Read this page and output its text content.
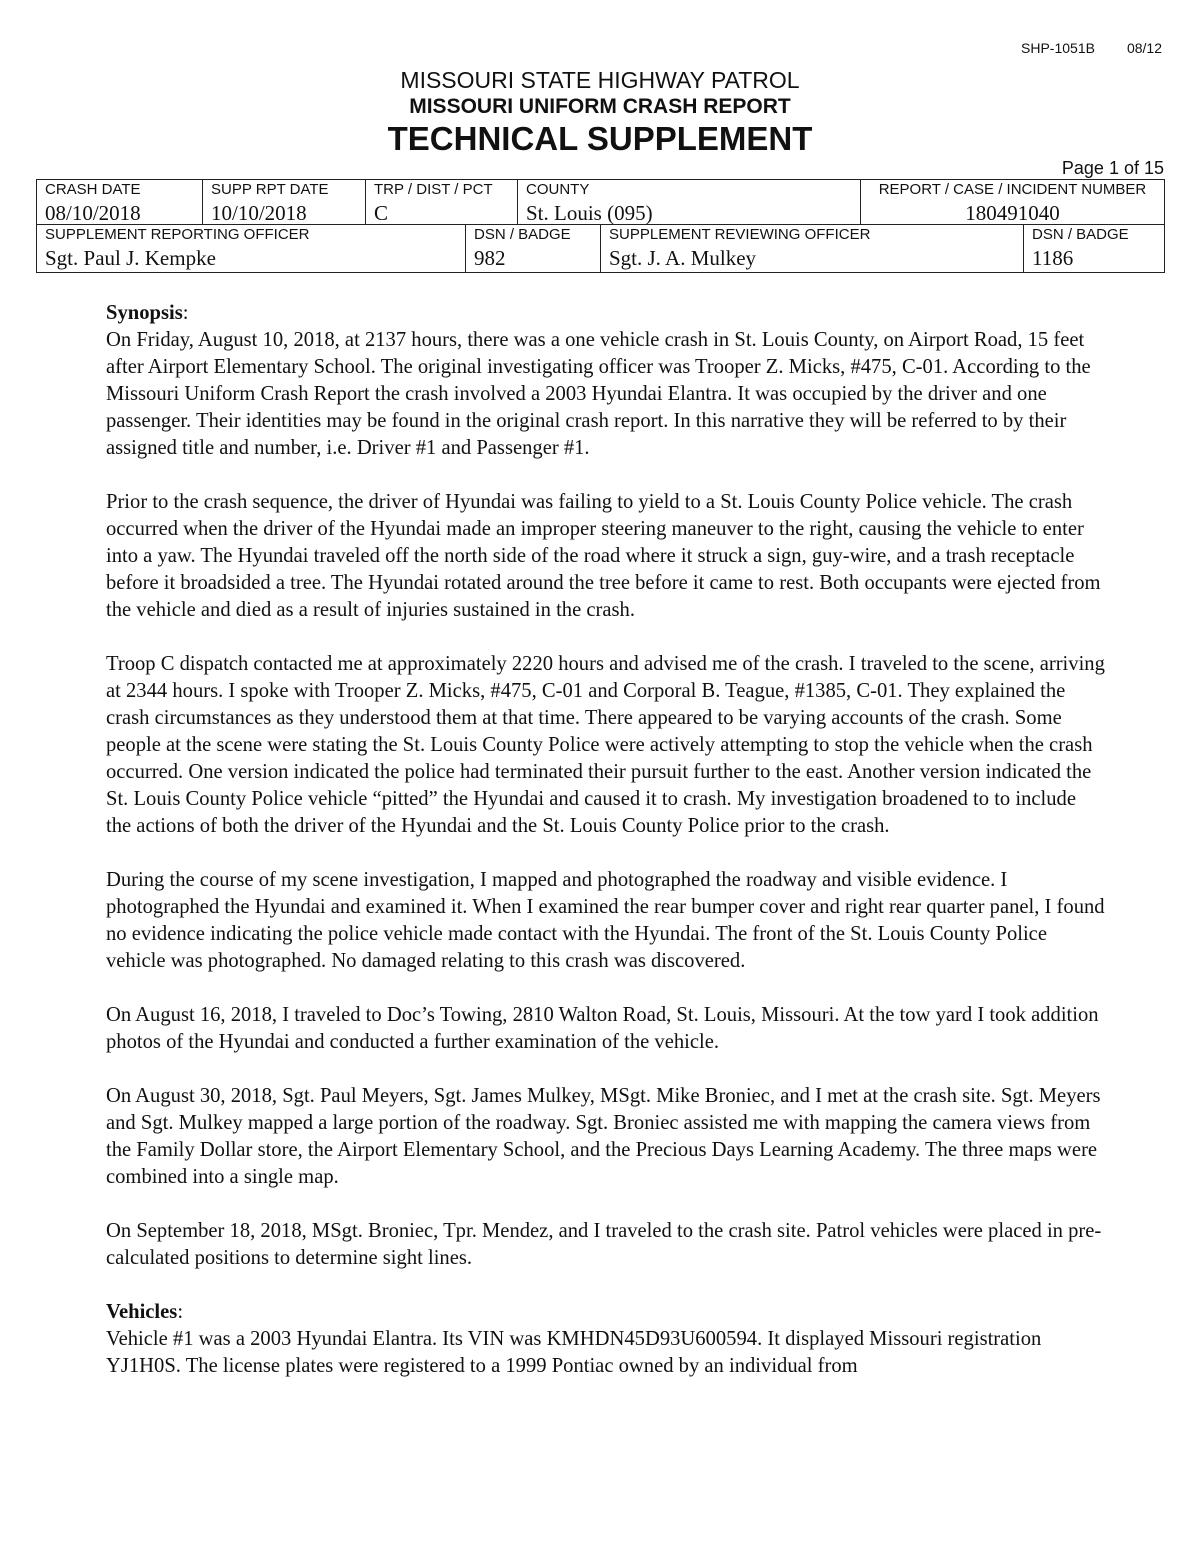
SHP-1051B 08/12
MISSOURI STATE HIGHWAY PATROL
MISSOURI UNIFORM CRASH REPORT
TECHNICAL SUPPLEMENT
Page 1 of 15
CRASH DATE
08/10/2018
SUPP RPT DATE
10/10/2018
TRP / DIST / PCT
C
COUNTY
St. Louis (095)
REPORT / CASE / INCIDENT NUMBER
180491040
SUPPLEMENT REPORTING OFFICER
Sgt. Paul J. Kempke
DSN / BADGE
982
SUPPLEMENT REVIEWING OFFICER
Sgt. J. A. Mulkey
DSN / BADGE
1186
Synopsis:

On Friday, August 10, 2018, at 2137 hours, there was a one vehicle crash in St. Louis County, on Airport Road, 15 feet after Airport Elementary School. The original investigating officer was Trooper Z. Micks, #475, C-01. According to the Missouri Uniform Crash Report the crash involved a 2003 Hyundai Elantra. It was occupied by the driver and one passenger. Their identities may be found in the original crash report. In this narrative they will be referred to by their assigned title and number, i.e. Driver #1 and Passenger #1.

Prior to the crash sequence, the driver of Hyundai was failing to yield to a St. Louis County Police vehicle. The crash occurred when the driver of the Hyundai made an improper steering maneuver to the right, causing the vehicle to enter into a yaw. The Hyundai traveled off the north side of the road where it struck a sign, guy-wire, and a trash receptacle before it broadsided a tree. The Hyundai rotated around the tree before it came to rest. Both occupants were ejected from the vehicle and died as a result of injuries sustained in the crash.

Troop C dispatch contacted me at approximately 2220 hours and advised me of the crash. I traveled to the scene, arriving at 2344 hours. I spoke with Trooper Z. Micks, #475, C-01 and Corporal B. Teague, #1385, C-01. They explained the crash circumstances as they understood them at that time. There appeared to be varying accounts of the crash. Some people at the scene were stating the St. Louis County Police were actively attempting to stop the vehicle when the crash occurred. One version indicated the police had terminated their pursuit further to the east. Another version indicated the St. Louis County Police vehicle “pitted” the Hyundai and caused it to crash. My investigation broadened to to include the actions of both the driver of the Hyundai and the St. Louis County Police prior to the crash.

During the course of my scene investigation, I mapped and photographed the roadway and visible evidence. I photographed the Hyundai and examined it. When I examined the rear bumper cover and right rear quarter panel, I found no evidence indicating the police vehicle made contact with the Hyundai. The front of the St. Louis County Police vehicle was photographed. No damaged relating to this crash was discovered.

On August 16, 2018, I traveled to Doc’s Towing, 2810 Walton Road, St. Louis, Missouri. At the tow yard I took addition photos of the Hyundai and conducted a further examination of the vehicle.

On August 30, 2018, Sgt. Paul Meyers, Sgt. James Mulkey, MSgt. Mike Broniec, and I met at the crash site. Sgt. Meyers and Sgt. Mulkey mapped a large portion of the roadway. Sgt. Broniec assisted me with mapping the camera views from the Family Dollar store, the Airport Elementary School, and the Precious Days Learning Academy. The three maps were combined into a single map.

On September 18, 2018, MSgt. Broniec, Tpr. Mendez, and I traveled to the crash site. Patrol vehicles were placed in pre-calculated positions to determine sight lines.

Vehicles:

Vehicle #1 was a 2003 Hyundai Elantra. Its VIN was KMHDN45D93U600594. It displayed Missouri registration YJ1H0S. The license plates were registered to a 1999 Pontiac owned by an individual from
